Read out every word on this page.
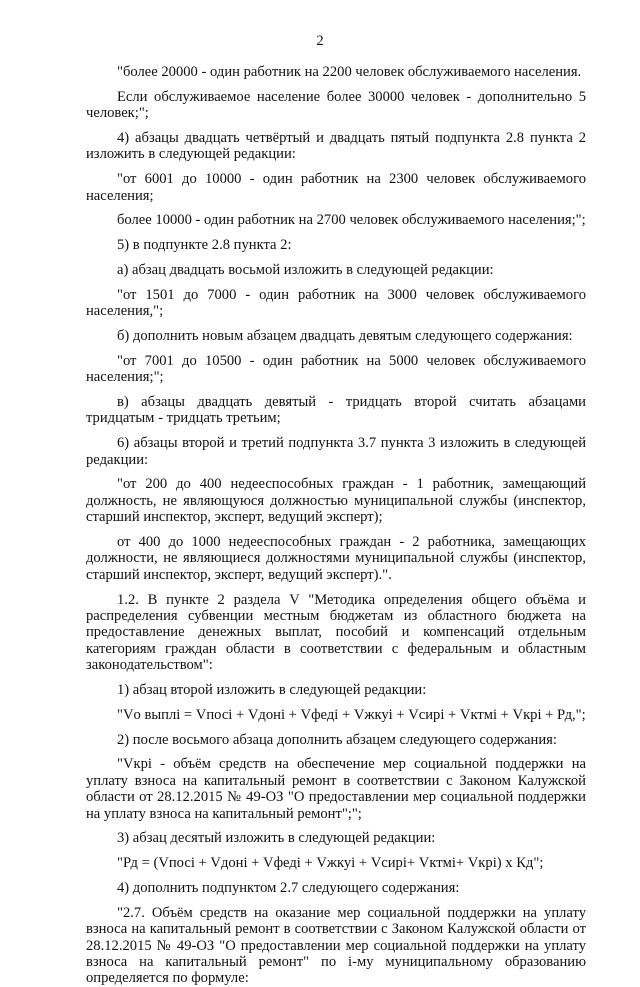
2

"более 20000 - один работник на 2200 человек обслуживаемого населения.

Если обслуживаемое население более 30000 человек - дополнительно 5 человек;";

4) абзацы двадцать четвёртый и двадцать пятый подпункта 2.8 пункта 2 изложить в следующей редакции:

"от 6001 до 10000 - один работник на 2300 человек обслуживаемого населения;

более 10000 - один работник на 2700 человек обслуживаемого населения;";

5) в подпункте 2.8 пункта 2:

а) абзац двадцать восьмой изложить в следующей редакции:

"от 1501 до 7000 - один работник на 3000 человек обслуживаемого населения,";

б) дополнить новым абзацем двадцать девятым следующего содержания:

"от 7001 до 10500 - один работник на 5000 человек обслуживаемого населения;";

в) абзацы двадцать девятый - тридцать второй считать абзацами тридцатым - тридцать третьим;

6) абзацы второй и третий подпункта 3.7 пункта 3 изложить в следующей редакции:

"от 200 до 400 недееспособных граждан - 1 работник, замещающий должность, не являющуюся должностью муниципальной службы (инспектор, старший инспектор, эксперт, ведущий эксперт);

от 400 до 1000 недееспособных граждан - 2 работника, замещающих должности, не являющиеся должностями муниципальной службы (инспектор, старший инспектор, эксперт, ведущий эксперт).".

1.2. В пункте 2 раздела V "Методика определения общего объёма и распределения субвенции местным бюджетам из областного бюджета на предоставление денежных выплат, пособий и компенсаций отдельным категориям граждан области в соответствии с федеральным и областным законодательством":

1) абзац второй изложить в следующей редакции:

"Vо выплі = Vпосі + Vдоні + Vфеді + Vжкуі + Vсирі + Vктмі + Vкрі + Рд,";

2) после восьмого абзаца дополнить абзацем следующего содержания:

"Vкрі - объём средств на обеспечение мер социальной поддержки на уплату взноса на капитальный ремонт в соответствии с Законом Калужской области от 28.12.2015 № 49-ОЗ "О предоставлении мер социальной поддержки на уплату взноса на капитальный ремонт";";

3) абзац десятый изложить в следующей редакции:

"Рд = (Vпосі + Vдоні + Vфеді + Vжкуі + Vсирі+ Vктмі+ Vкрі) х Кд";

4) дополнить подпунктом 2.7 следующего содержания:

"2.7. Объём средств на оказание мер социальной поддержки на уплату взноса на капитальный ремонт в соответствии с Законом Калужской области от 28.12.2015 № 49-ОЗ "О предоставлении мер социальной поддержки на уплату взноса на капитальный ремонт" по і-му муниципальному образованию определяется по формуле:
